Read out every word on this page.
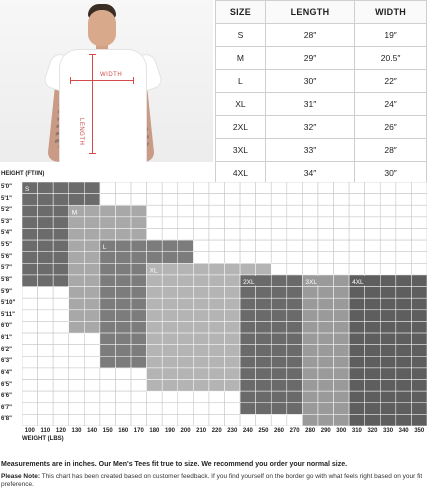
WIDTH
LENGTH
SIZE	LENGTH	WIDTH
S	28″	19″
M	29″	20.5″
L	30″	22″
XL	31″	24″
2XL	32″	26″
3XL	33″	28″
4XL	34″	30″
HEIGHT (FT/IN)
5'0"
5'1"
5'2"
5'3"
5'4"
5'5"
5'6"
5'7"
5'8"
5'9"
5'10"
5'11"
6'0"
6'1"
6'2"
6'3"
6'4"
6'5"
6'6"
6'7"
6'8"
S
M
L
XL
2XL	3XL	4XL
100 110 120 130 140 150 160 170 180 190 200 210 220 230 240 250 260 270 280 290 300 310 320 330 340 350
WEIGHT (LBS)
Measurements are in inches. Our Men's Tees fit true to size. We recommend you order your normal size.
Please Note: This chart has been created based on customer feedback. If you find yourself on the border go with what feels right based on your fit preference.
